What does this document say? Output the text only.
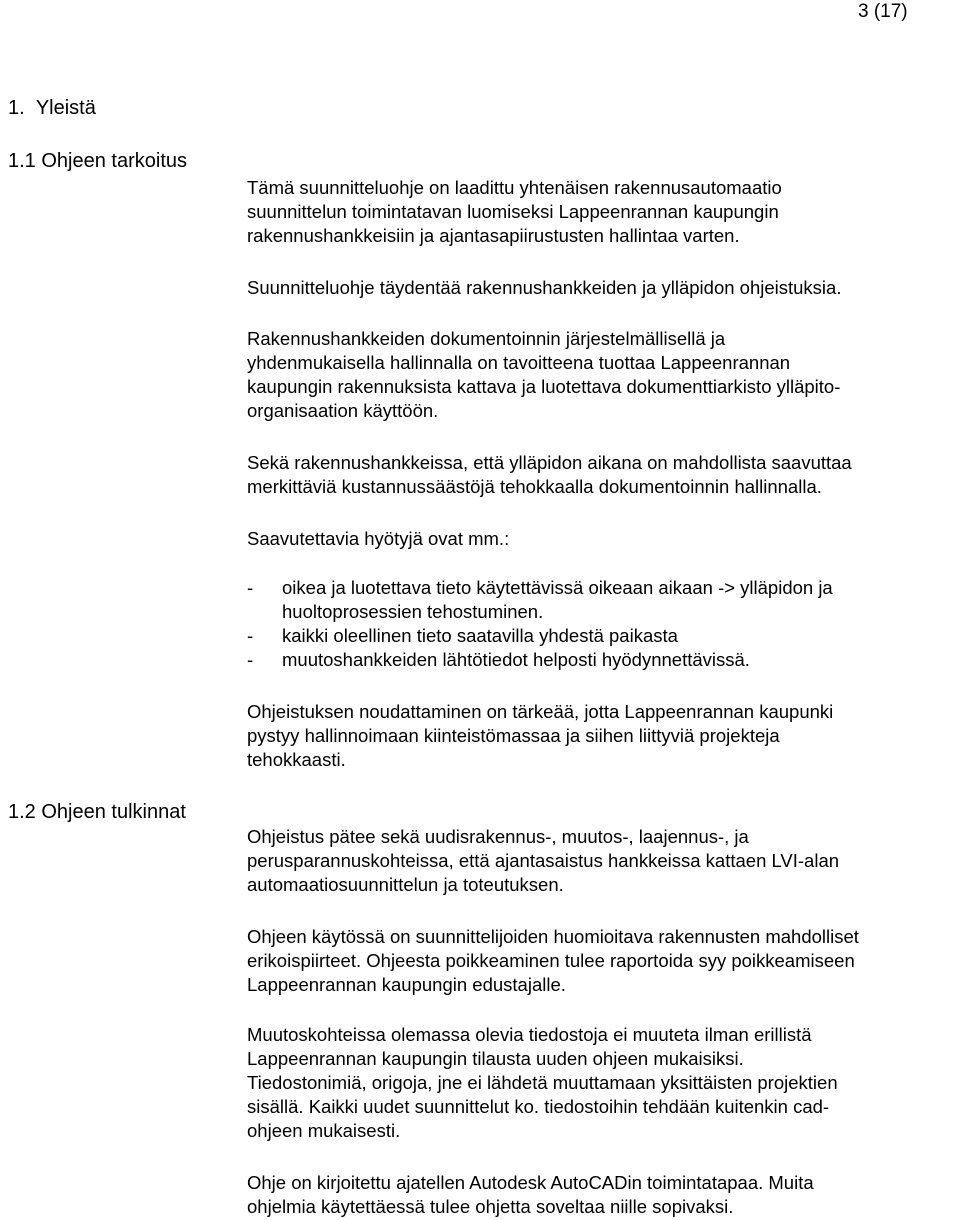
3 (17)
1. Yleistä
1.1 Ohjeen tarkoitus
Tämä suunnitteluohje on laadittu yhtenäisen rakennusautomaatio
suunnittelun toimintatavan luomiseksi Lappeenrannan kaupungin
rakennushankkeisiin ja ajantasapiirustusten hallintaa varten.
Suunnitteluohje täydentää rakennushankkeiden ja ylläpidon ohjeistuksia.
Rakennushankkeiden dokumentoinnin järjestelmällisellä ja
yhdenmukaisella hallinnalla on tavoitteena tuottaa Lappeenrannan
kaupungin rakennuksista kattava ja luotettava dokumenttiarkisto ylläpito-
organisaation käyttöön.
Sekä rakennushankkeissa, että ylläpidon aikana on mahdollista saavuttaa
merkittäviä kustannussäästöjä tehokkaalla dokumentoinnin hallinnalla.
Saavutettavia hyötyjä ovat mm.:
- oikea ja luotettava tieto käytettävissä oikeaan aikaan -> ylläpidon ja
huoltoprosessien tehostuminen.
- kaikki oleellinen tieto saatavilla yhdestä paikasta
- muutoshankkeiden lähtötiedot helposti hyödynnettävissä.
Ohjeistuksen noudattaminen on tärkeää, jotta Lappeenrannan kaupunki
pystyy hallinnoimaan kiinteistömassaa ja siihen liittyviä projekteja
tehokkaasti.
1.2 Ohjeen tulkinnat
Ohjeistus pätee sekä uudisrakennus-, muutos-, laajennus-, ja
perusparannuskohteissa, että ajantasaistus hankkeissa kattaen LVI-alan
automaatiosuunnittelun ja toteutuksen.
Ohjeen käytössä on suunnittelijoiden huomioitava rakennusten mahdolliset
erikoispiirteet. Ohjeesta poikkeaminen tulee raportoida syy poikkeamiseen
Lappeenrannan kaupungin edustajalle.
Muutoskohteissa olemassa olevia tiedostoja ei muuteta ilman erillistä
Lappeenrannan kaupungin tilausta uuden ohjeen mukaisiksi.
Tiedostonimiä, origoja, jne ei lähdetä muuttamaan yksittäisten projektien
sisällä. Kaikki uudet suunnittelut ko. tiedostoihin tehdään kuitenkin cad-
ohjeen mukaisesti.
Ohje on kirjoitettu ajatellen Autodesk AutoCADin toimintatapaa. Muita
ohjelmia käytettäessä tulee ohjetta soveltaa niille sopivaksi.
